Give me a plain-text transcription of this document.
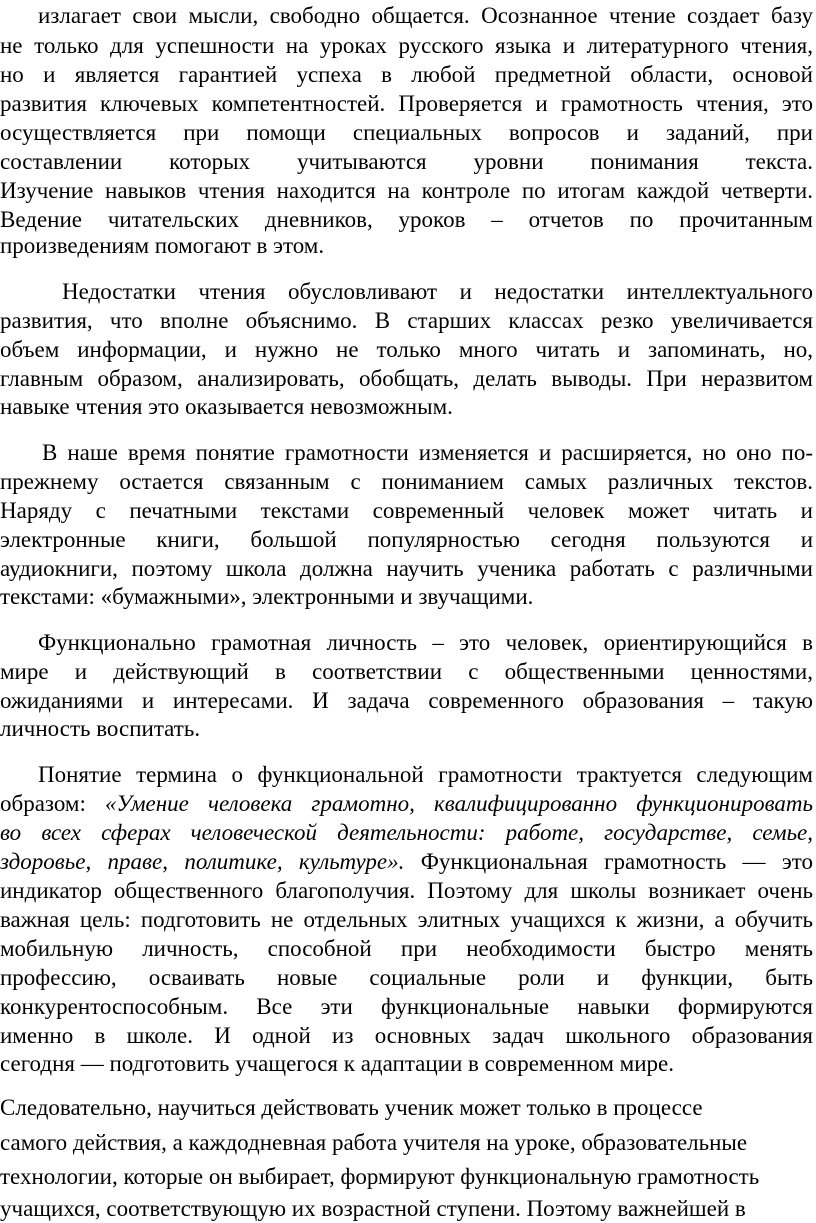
излагает свои мысли, свободно общается. Осознанное чтение создает базу
не только для успешности на уроках русского языка и литературного чтения,
но и является гарантией успеха в любой предметной области, основой
развития ключевых компетентностей. Проверяется и грамотность чтения, это
осуществляется при помощи специальных вопросов и заданий, при
составлении которых учитываются уровни понимания текста.
Изучение навыков чтения находится на контроле по итогам каждой четверти.
Ведение читательских дневников, уроков – отчетов по прочитанным
произведениям помогают в этом.
Недостатки чтения обусловливают и недостатки интеллектуального
развития, что вполне объяснимо. В старших классах резко увеличивается
объем информации, и нужно не только много читать и запоминать, но,
главным образом, анализировать, обобщать, делать выводы. При неразвитом
навыке чтения это оказывается невозможным.
В наше время понятие грамотности изменяется и расширяется, но оно по-
прежнему остается связанным с пониманием самых различных текстов.
Наряду с печатными текстами современный человек может читать и
электронные книги, большой популярностью сегодня пользуются и
аудиокниги, поэтому школа должна научить ученика работать с различными
текстами: «бумажными», электронными и звучащими.
Функционально грамотная личность – это человек, ориентирующийся в
мире и действующий в соответствии с общественными ценностями,
ожиданиями и интересами. И задача современного образования – такую
личность воспитать.
Понятие термина о функциональной грамотности трактуется следующим
образом: «Умение человека грамотно, квалифицированно функционировать
во всех сферах человеческой деятельности: работе, государстве, семье,
здоровье, праве, политике, культуре». Функциональная грамотность — это
индикатор общественного благополучия. Поэтому для школы возникает очень
важная цель: подготовить не отдельных элитных учащихся к жизни, а обучить
мобильную личность, способной при необходимости быстро менять
профессию, осваивать новые социальные роли и функции, быть
конкурентоспособным. Все эти функциональные навыки формируются
именно в школе. И одной из основных задач школьного образования
сегодня — подготовить учащегося к адаптации в современном мире.
Следовательно, научиться действовать ученик может только в процессе
самого действия, а каждодневная работа учителя на уроке, образовательные
технологии, которые он выбирает, формируют функциональную грамотность
учащихся, соответствующую их возрастной ступени. Поэтому важнейшей в
